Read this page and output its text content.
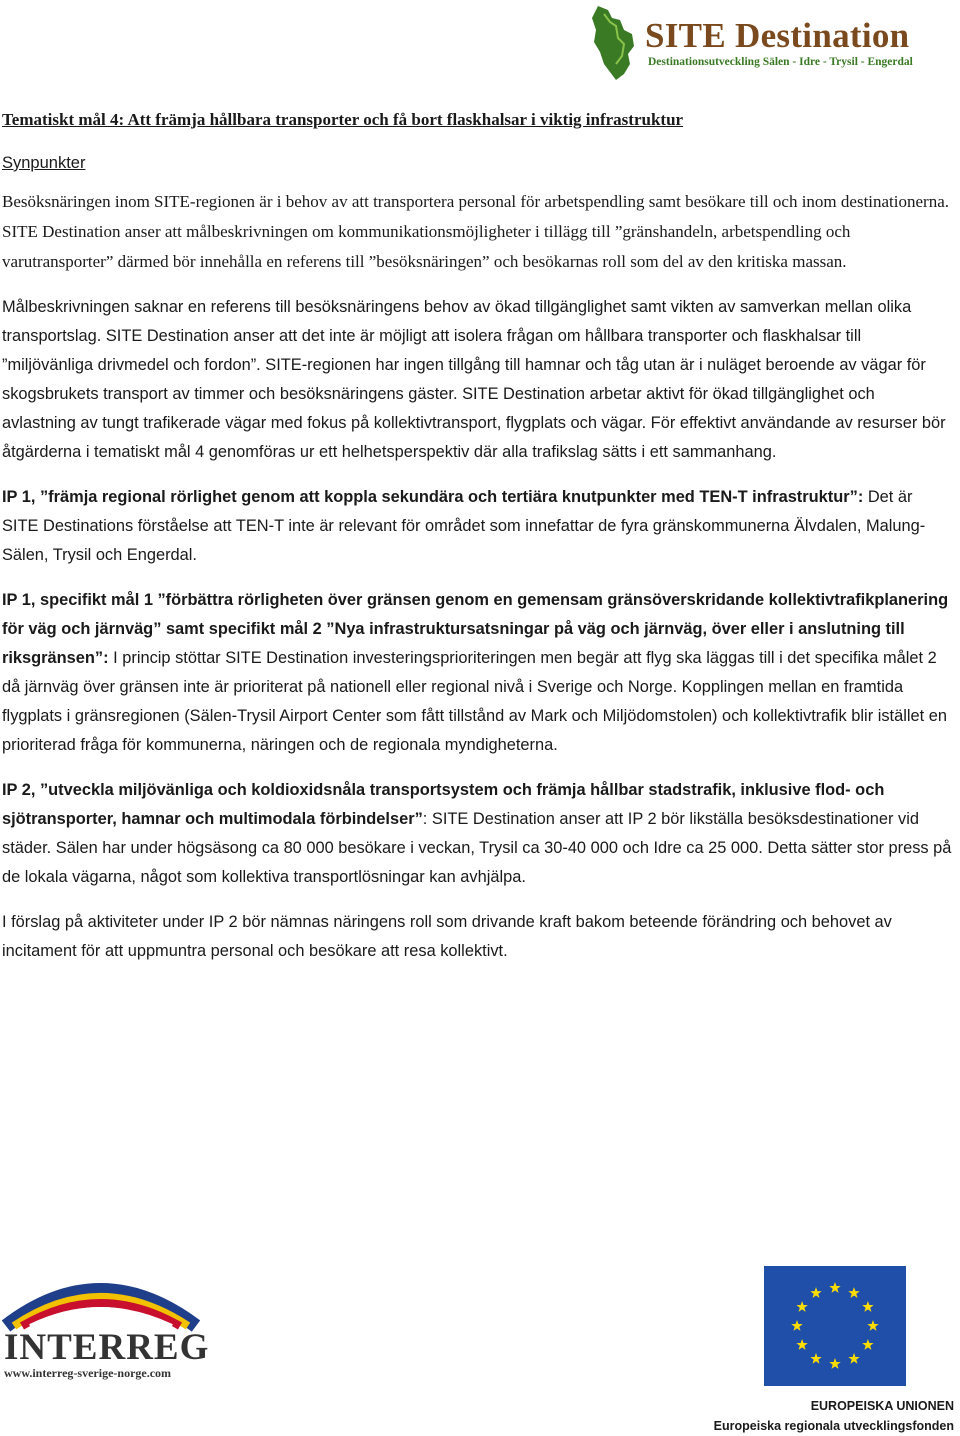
SITE Destination
Destinationsutveckling Sälen - Idre - Trysil - Engerdal
Tematiskt mål 4: Att främja hållbara transporter och få bort flaskhalsar i viktig infrastruktur
Synpunkter

Besöksnäringen inom SITE-regionen är i behov av att transportera personal för arbetspendling samt besökare till och inom destinationerna. SITE Destination anser att målbeskrivningen om kommunikationsmöjligheter i tillägg till ”gränshandeln, arbetspendling och varutransporter” därmed bör innehålla en referens till ”besöksnäringen” och besökarnas roll som del av den kritiska massan.

Målbeskrivningen saknar en referens till besöksnäringens behov av ökad tillgänglighet samt vikten av samverkan mellan olika transportslag. SITE Destination anser att det inte är möjligt att isolera frågan om hållbara transporter och flaskhalsar till ”miljövänliga drivmedel och fordon”. SITE-regionen har ingen tillgång till hamnar och tåg utan är i nuläget beroende av vägar för skogsbrukets transport av timmer och besöksnäringens gäster. SITE Destination arbetar aktivt för ökad tillgänglighet och avlastning av tungt trafikerade vägar med fokus på kollektivtransport, flygplats och vägar. För effektivt användande av resurser bör åtgärderna i tematiskt mål 4 genomföras ur ett helhetsperspektiv där alla trafikslag sätts i ett sammanhang.

IP 1, ”främja regional rörlighet genom att koppla sekundära och tertiära knutpunkter med TEN-T infrastruktur”: Det är SITE Destinations förståelse att TEN-T inte är relevant för området som innefattar de fyra gränskommunerna Älvdalen, Malung-Sälen, Trysil och Engerdal.

IP 1, specifikt mål 1 ”förbättra rörligheten över gränsen genom en gemensam gränsöverskridande kollektivtrafikplanering för väg och järnväg” samt specifikt mål 2 ”Nya infrastruktursatsningar på väg och järnväg, över eller i anslutning till riksgränsen”: I princip stöttar SITE Destination investeringsprioriteringen men begär att flyg ska läggas till i det specifika målet 2 då järnväg över gränsen inte är prioriterat på nationell eller regional nivå i Sverige och Norge. Kopplingen mellan en framtida flygplats i gränsregionen (Sälen-Trysil Airport Center som fått tillstånd av Mark och Miljödomstolen) och kollektivtrafik blir istället en prioriterad fråga för kommunerna, näringen och de regionala myndigheterna.

IP 2, ”utveckla miljövänliga och koldioxidsnåla transportsystem och främja hållbar stadstrafik, inklusive flod- och sjötransporter, hamnar och multimodala förbindelser”: SITE Destination anser att IP 2 bör likställa besöksdestinationer vid städer. Sälen har under högsäsong ca 80 000 besökare i veckan, Trysil ca 30-40 000 och Idre ca 25 000. Detta sätter stor press på de lokala vägarna, något som kollektiva transportlösningar kan avhjälpa.

I förslag på aktiviteter under IP 2 bör nämnas näringens roll som drivande kraft bakom beteende förändring och behovet av incitament för att uppmuntra personal och besökare att resa kollektivt.

INTERREG
www.interreg-sverige-norge.com
EUROPEISKA UNIONEN
Europeiska regionala utvecklingsfonden
